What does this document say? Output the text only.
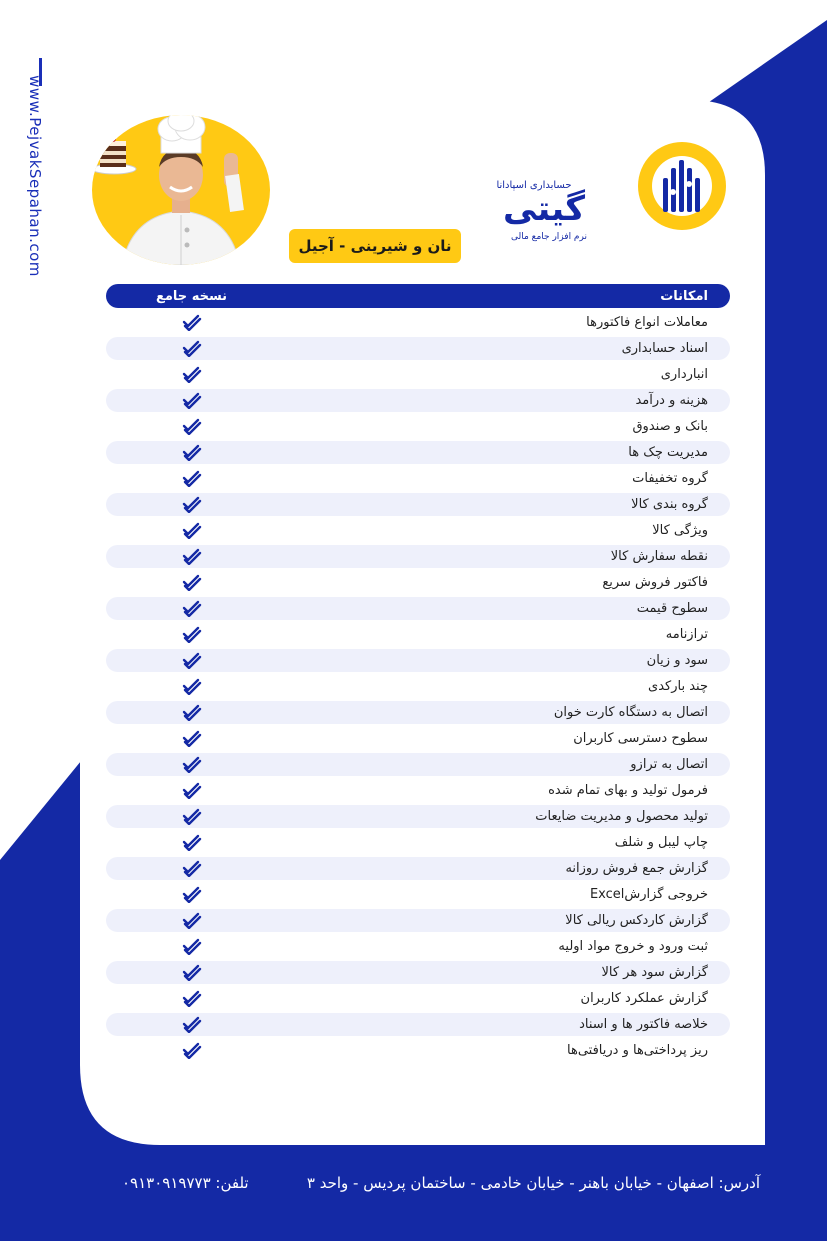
www.PejvakSepahan.com	حسابداری اسپادانا
گیتی
نرم افزار جامع مالی
نان و شیرینی - آجیل
امکانات
نسخه جامع
معاملات انواع فاکتورها
اسناد حسابداری
انبارداری
هزینه و درآمد
بانک و صندوق
مدیریت چک ها
گروه تخفیفات
گروه بندی کالا
ویژگی کالا
نقطه سفارش کالا
فاکتور فروش سریع
سطوح قیمت
ترازنامه
سود و زیان
چند بارکدی
اتصال به دستگاه کارت خوان
سطوح دسترسی کاربران
اتصال به ترازو
فرمول تولید و بهای تمام شده
تولید محصول و مدیریت ضایعات
چاپ لیبل و شلف
گزارش جمع فروش روزانه
خروجی گزارشExcel
گزارش کاردکس ریالی کالا
ثبت ورود و خروج مواد اولیه
گزارش سود هر کالا
گزارش عملکرد کاربران
خلاصه فاکتور ها و اسناد
ریز پرداختی‌ها و دریافتی‌ها
آدرس: اصفهان - خیابان باهنر - خیابان خادمی - ساختمان پردیس - واحد ۳
تلفن: ۰۹۱۳۰۹۱۹۷۷۳
